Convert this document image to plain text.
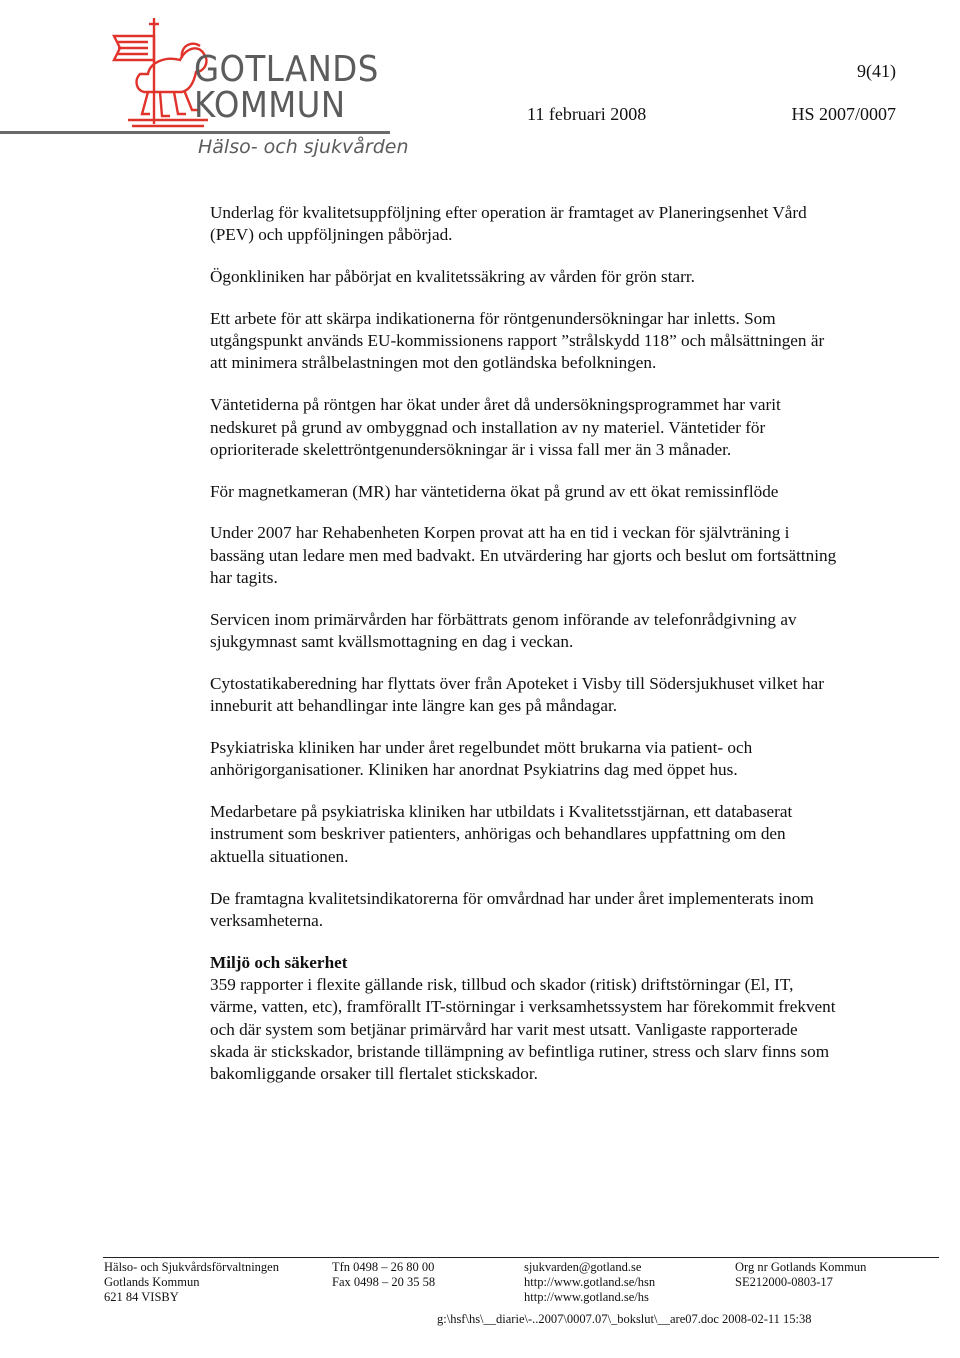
GOTLANDS
KOMMUN
Hälso- och sjukvården
9(41)
11 februari 2008	HS 2007/0007

Underlag för kvalitetsuppföljning efter operation är framtaget av Planeringsenhet Vård (PEV) och uppföljningen påbörjad.

Ögonkliniken har påbörjat en kvalitetssäkring av vården för grön starr.

Ett arbete för att skärpa indikationerna för röntgenundersökningar har inletts. Som utgångspunkt används EU-kommissionens rapport ”strålskydd 118” och målsättningen är att minimera strålbelastningen mot den gotländska befolkningen.

Väntetiderna på röntgen har ökat under året då undersökningsprogrammet har varit nedskuret på grund av ombyggnad och installation av ny materiel. Väntetider för oprioriterade skelettröntgenundersökningar är i vissa fall mer än 3 månader.

För magnetkameran (MR) har väntetiderna ökat på grund av ett ökat remissinflöde

Under 2007 har Rehabenheten Korpen provat att ha en tid i veckan för självträning i bassäng utan ledare men med badvakt. En utvärdering har gjorts och beslut om fortsättning har tagits.

Servicen inom primärvården har förbättrats genom införande av telefonrådgivning av sjukgymnast samt kvällsmottagning en dag i veckan.

Cytostatikaberedning har flyttats över från Apoteket i Visby till Södersjukhuset vilket har inneburit att behandlingar inte längre kan ges på måndagar.

Psykiatriska kliniken har under året regelbundet mött brukarna via patient- och anhörigorganisationer. Kliniken har anordnat Psykiatrins dag med öppet hus.

Medarbetare på psykiatriska kliniken har utbildats i Kvalitetsstjärnan, ett databaserat instrument som beskriver patienters, anhörigas och behandlares uppfattning om den aktuella situationen.

De framtagna kvalitetsindikatorerna för omvårdnad har under året implementerats inom verksamheterna.

Miljö och säkerhet

359 rapporter i flexite gällande risk, tillbud och skador (ritisk) driftstörningar (El, IT, värme, vatten, etc), framförallt IT-störningar i verksamhetssystem har förekommit frekvent och där system som betjänar primärvård har varit mest utsatt. Vanligaste rapporterade skada är stickskador, bristande tillämpning av befintliga rutiner, stress och slarv finns som bakomliggande orsaker till flertalet stickskador.

Hälso- och Sjukvårdsförvaltningen
Gotlands Kommun
621 84 VISBY
Tfn 0498 – 26 80 00
Fax 0498 – 20 35 58
sjukvarden@gotland.se
http://www.gotland.se/hsn
http://www.gotland.se/hs
Org nr Gotlands Kommun
SE212000-0803-17
g:\hsf\hs\__diarie\-..2007\0007.07\_bokslut\__are07.doc 2008-02-11 15:38
